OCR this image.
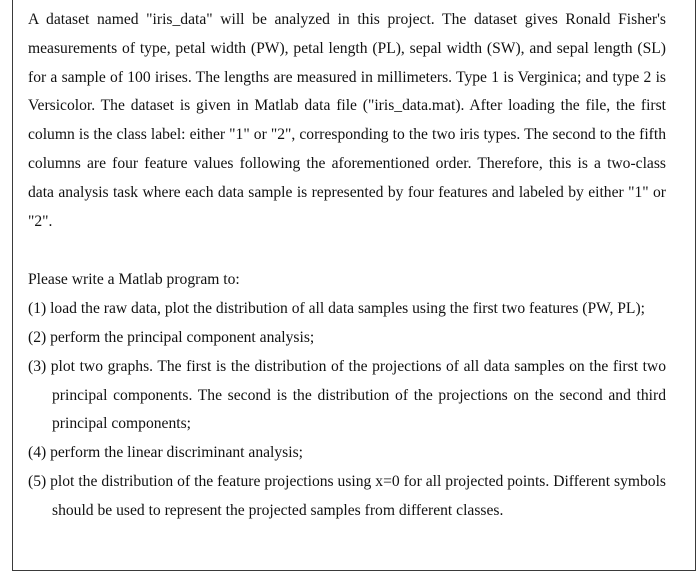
A dataset named "iris_data" will be analyzed in this project. The dataset gives Ronald Fisher's measurements of type, petal width (PW), petal length (PL), sepal width (SW), and sepal length (SL) for a sample of 100 irises. The lengths are measured in millimeters. Type 1 is Verginica; and type 2 is Versicolor. The dataset is given in Matlab data file ("iris_data.mat). After loading the file, the first column is the class label: either "1" or "2", corresponding to the two iris types. The second to the fifth columns are four feature values following the aforementioned order. Therefore, this is a two-class data analysis task where each data sample is represented by four features and labeled by either "1" or "2".

Please write a Matlab program to:

(1) load the raw data, plot the distribution of all data samples using the first two features (PW, PL);
(2) perform the principal component analysis;
(3) plot two graphs. The first is the distribution of the projections of all data samples on the first two principal components. The second is the distribution of the projections on the second and third principal components;
(4) perform the linear discriminant analysis;
(5) plot the distribution of the feature projections using x=0 for all projected points. Different symbols should be used to represent the projected samples from different classes.
